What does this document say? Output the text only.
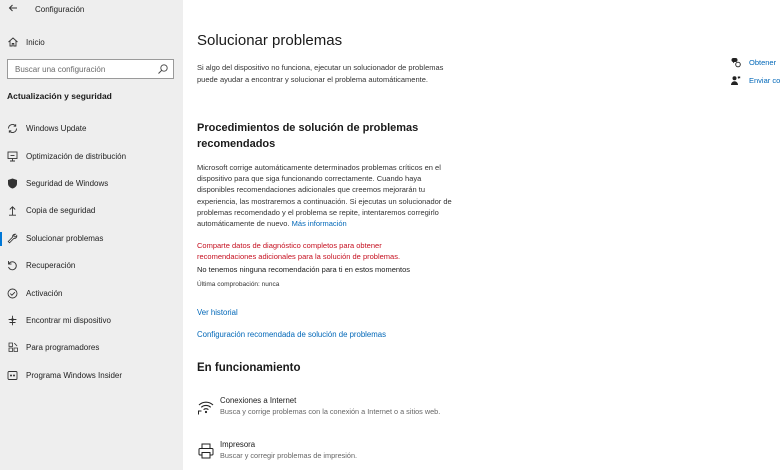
Configuración
Inicio
Buscar una configuración
Actualización y seguridad
Windows Update
Optimización de distribución
Seguridad de Windows
Copia de seguridad
Solucionar problemas
Recuperación
Activación
Encontrar mi dispositivo
Para programadores
Programa Windows Insider
Solucionar problemas

Si algo del dispositivo no funciona, ejecutar un solucionador de problemas puede ayudar a encontrar y solucionar el problema automáticamente.

Procedimientos de solución de problemas recomendados

Microsoft corrige automáticamente determinados problemas críticos en el dispositivo para que siga funcionando correctamente. Cuando haya disponibles recomendaciones adicionales que creemos mejorarán tu experiencia, las mostraremos a continuación. Si ejecutas un solucionador de problemas recomendado y el problema se repite, intentaremos corregirlo automáticamente de nuevo. Más información

Comparte datos de diagnóstico completos para obtener recomendaciones adicionales para la solución de problemas.

No tenemos ninguna recomendación para ti en estos momentos

Última comprobación: nunca

Ver historial
Configuración recomendada de solución de problemas
En funcionamiento
Conexiones a Internet
Busca y corrige problemas con la conexión a Internet o a sitios web.
Impresora
Buscar y corregir problemas de impresión.
Obtener
Enviar co
